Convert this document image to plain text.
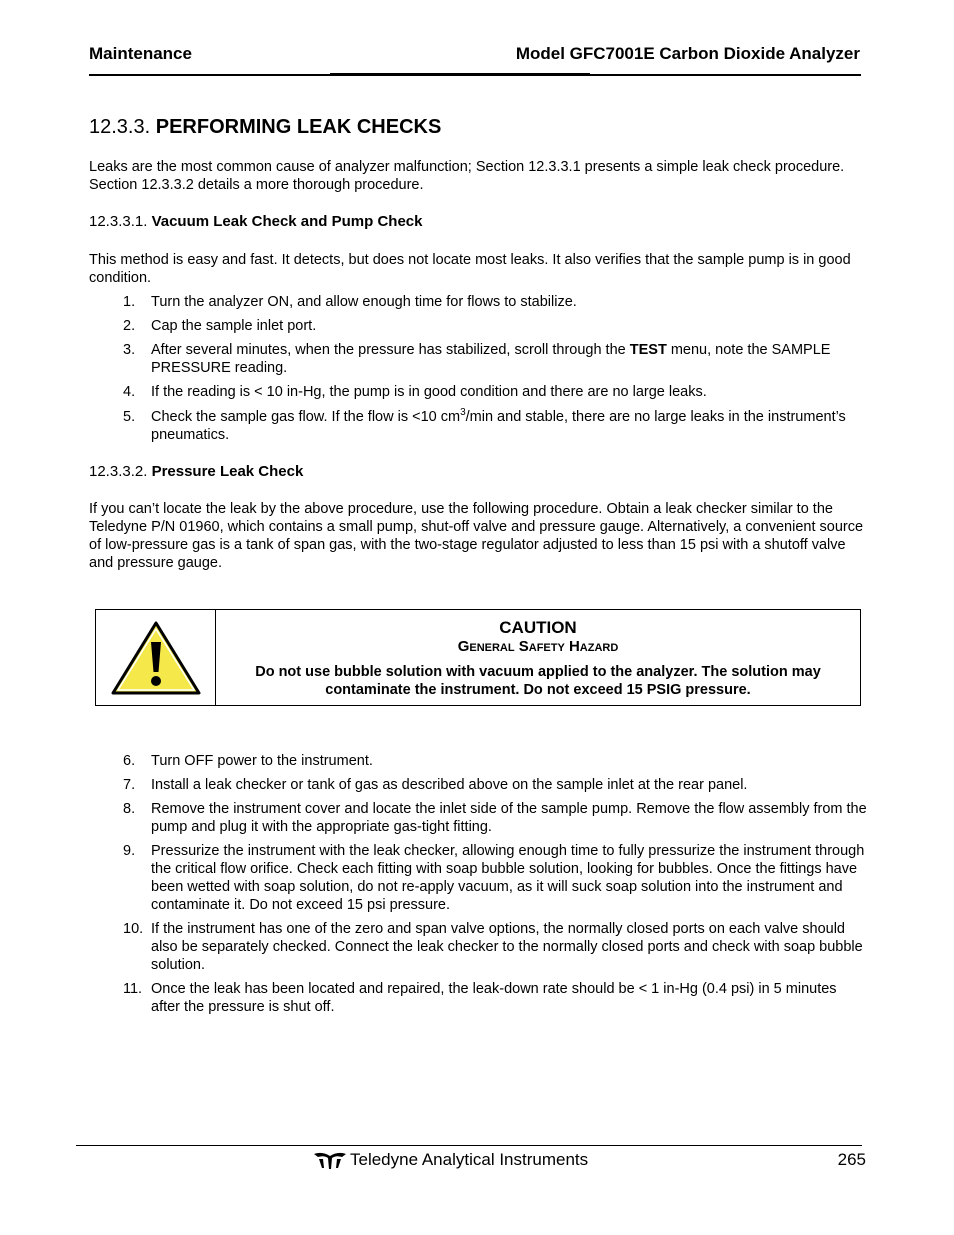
Maintenance	Model GFC7001E Carbon Dioxide Analyzer
12.3.3. PERFORMING LEAK CHECKS
Leaks are the most common cause of analyzer malfunction; Section 12.3.3.1 presents a simple leak check procedure. Section 12.3.3.2 details a more thorough procedure.
12.3.3.1. Vacuum Leak Check and Pump Check
This method is easy and fast. It detects, but does not locate most leaks. It also verifies that the sample pump is in good condition.
1.	Turn the analyzer ON, and allow enough time for flows to stabilize.
2.	Cap the sample inlet port.
3.	After several minutes, when the pressure has stabilized, scroll through the TEST menu, note the SAMPLE PRESSURE reading.
4.	If the reading is < 10 in-Hg, the pump is in good condition and there are no large leaks.
5.	Check the sample gas flow. If the flow is <10 $cm^3/\min$ and stable, there are no large leaks in the instrument’s pneumatics.
12.3.3.2. Pressure Leak Check
If you can’t locate the leak by the above procedure, use the following procedure. Obtain a leak checker similar to the Teledyne P/N 01960, which contains a small pump, shut-off valve and pressure gauge. Alternatively, a convenient source of low-pressure gas is a tank of span gas, with the two-stage regulator adjusted to less than 15 psi with a shutoff valve and pressure gauge.
CAUTION
General Safety Hazard
Do not use bubble solution with vacuum applied to the analyzer. The solution may contaminate the instrument. Do not exceed 15 PSIG pressure.
6.	Turn OFF power to the instrument.
7.	Install a leak checker or tank of gas as described above on the sample inlet at the rear panel.
8.	Remove the instrument cover and locate the inlet side of the sample pump. Remove the flow assembly from the pump and plug it with the appropriate gas-tight fitting.
9.	Pressurize the instrument with the leak checker, allowing enough time to fully pressurize the instrument through the critical flow orifice. Check each fitting with soap bubble solution, looking for bubbles. Once the fittings have been wetted with soap solution, do not re-apply vacuum, as it will suck soap solution into the instrument and contaminate it. Do not exceed 15 psi pressure.
10. If the instrument has one of the zero and span valve options, the normally closed ports on each valve should also be separately checked. Connect the leak checker to the normally closed ports and check with soap bubble solution.
11. Once the leak has been located and repaired, the leak-down rate should be < 1 in-Hg (0.4 psi) in 5 minutes after the pressure is shut off.
Teledyne Analytical Instruments	265
